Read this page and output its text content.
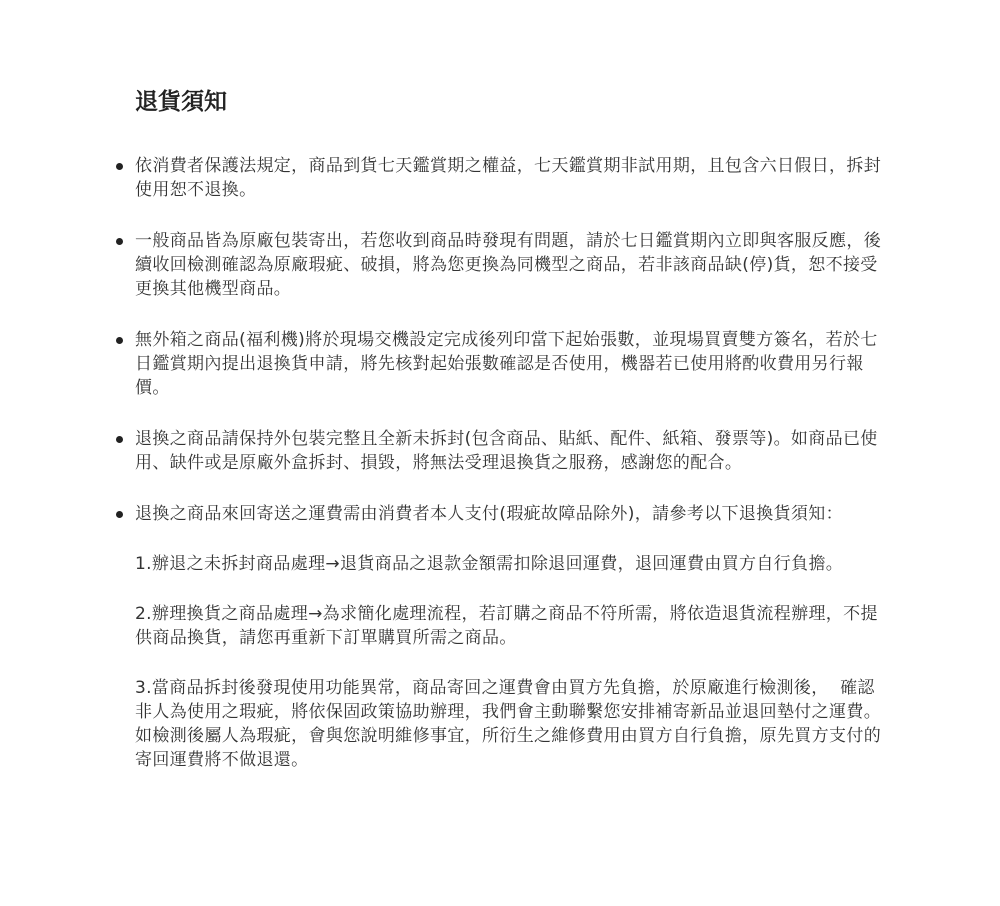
退貨須知
依消費者保護法規定，商品到貨七天鑑賞期之權益，七天鑑賞期非試用期，且包含六日假日，拆封使用恕不退換。
一般商品皆為原廠包裝寄出，若您收到商品時發現有問題，請於七日鑑賞期內立即與客服反應，後續收回檢測確認為原廠瑕疵、破損，將為您更換為同機型之商品，若非該商品缺(停)貨，恕不接受更換其他機型商品。
無外箱之商品(福利機)將於現場交機設定完成後列印當下起始張數，並現場買賣雙方簽名，若於七日鑑賞期內提出退換貨申請，將先核對起始張數確認是否使用，機器若已使用將酌收費用另行報價。
退換之商品請保持外包裝完整且全新未拆封(包含商品、貼紙、配件、紙箱、發票等)。如商品已使用、缺件或是原廠外盒拆封、損毀，將無法受理退換貨之服務，感謝您的配合。
退換之商品來回寄送之運費需由消費者本人支付(瑕疵故障品除外)，請參考以下退換貨須知：
1.辦退之未拆封商品處理→退貨商品之退款金額需扣除退回運費，退回運費由買方自行負擔。
2.辦理換貨之商品處理→為求簡化處理流程，若訂購之商品不符所需，將依造退貨流程辦理，不提供商品換貨，請您再重新下訂單購買所需之商品。
3.當商品拆封後發現使用功能異常，商品寄回之運費會由買方先負擔，於原廠進行檢測後，  確認非人為使用之瑕疵，將依保固政策協助辦理，我們會主動聯繫您安排補寄新品並退回墊付之運費。如檢測後屬人為瑕疵，會與您說明維修事宜，所衍生之維修費用由買方自行負擔，原先買方支付的寄回運費將不做退還。
